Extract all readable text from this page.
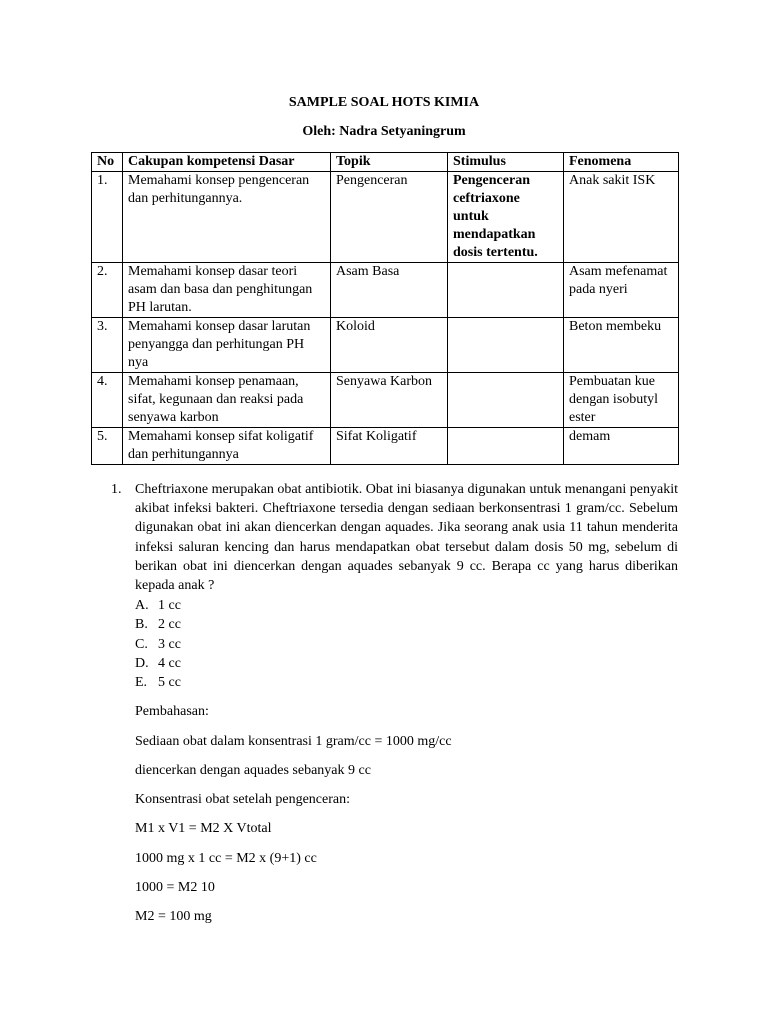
SAMPLE SOAL HOTS KIMIA
Oleh: Nadra Setyaningrum
No	Cakupan kompetensi Dasar	Topik	Stimulus	Fenomena
1.	Memahami konsep pengenceran dan perhitungannya.	Pengenceran	Pengenceran ceftriaxone untuk mendapatkan dosis tertentu.	Anak sakit ISK
2.	Memahami konsep dasar teori asam dan basa dan penghitungan PH larutan.	Asam Basa		Asam mefenamat pada nyeri
3.	Memahami konsep dasar larutan penyangga dan perhitungan PH nya	Koloid		Beton membeku
4.	Memahami konsep penamaan, sifat, kegunaan dan reaksi pada senyawa karbon	Senyawa Karbon		Pembuatan kue dengan isobutyl ester
5.	Memahami konsep sifat koligatif dan perhitungannya	Sifat Koligatif		demam
1. Cheftriaxone merupakan obat antibiotik. Obat ini biasanya digunakan untuk menangani penyakit akibat infeksi bakteri. Cheftriaxone tersedia dengan sediaan berkonsentrasi 1 gram/cc. Sebelum digunakan obat ini akan diencerkan dengan aquades. Jika seorang anak usia 11 tahun menderita infeksi saluran kencing dan harus mendapatkan obat tersebut dalam dosis 50 mg, sebelum di berikan obat ini diencerkan dengan aquades sebanyak 9 cc. Berapa cc yang harus diberikan kepada anak ?
A. 1 cc
B. 2 cc
C. 3 cc
D. 4 cc
E. 5 cc
Pembahasan:
Sediaan obat dalam konsentrasi 1 gram/cc = 1000 mg/cc
diencerkan dengan aquades sebanyak 9 cc
Konsentrasi obat setelah pengenceran:
M1 x V1 = M2 X Vtotal
1000 mg x 1 cc = M2 x (9+1) cc
1000 = M2 10
M2 = 100 mg
